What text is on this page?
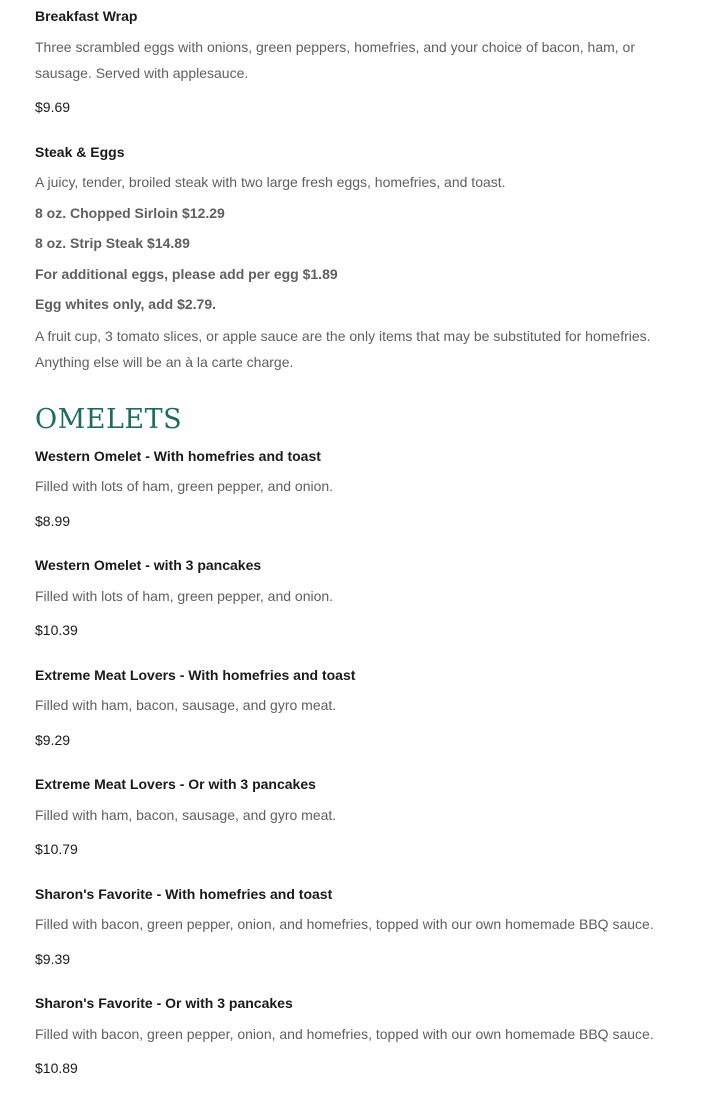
Breakfast Wrap
Three scrambled eggs with onions, green peppers, homefries, and your choice of bacon, ham, or sausage. Served with applesauce.
$9.69
Steak & Eggs
A juicy, tender, broiled steak with two large fresh eggs, homefries, and toast.
8 oz. Chopped Sirloin $12.29
8 oz. Strip Steak $14.89
For additional eggs, please add per egg $1.89
Egg whites only, add $2.79.
A fruit cup, 3 tomato slices, or apple sauce are the only items that may be substituted for homefries. Anything else will be an à la carte charge.
OMELETS
Western Omelet - With homefries and toast
Filled with lots of ham, green pepper, and onion.
$8.99
Western Omelet - with 3 pancakes
Filled with lots of ham, green pepper, and onion.
$10.39
Extreme Meat Lovers - With homefries and toast
Filled with ham, bacon, sausage, and gyro meat.
$9.29
Extreme Meat Lovers - Or with 3 pancakes
Filled with ham, bacon, sausage, and gyro meat.
$10.79
Sharon's Favorite - With homefries and toast
Filled with bacon, green pepper, onion, and homefries, topped with our own homemade BBQ sauce.
$9.39
Sharon's Favorite - Or with 3 pancakes
Filled with bacon, green pepper, onion, and homefries, topped with our own homemade BBQ sauce.
$10.89
